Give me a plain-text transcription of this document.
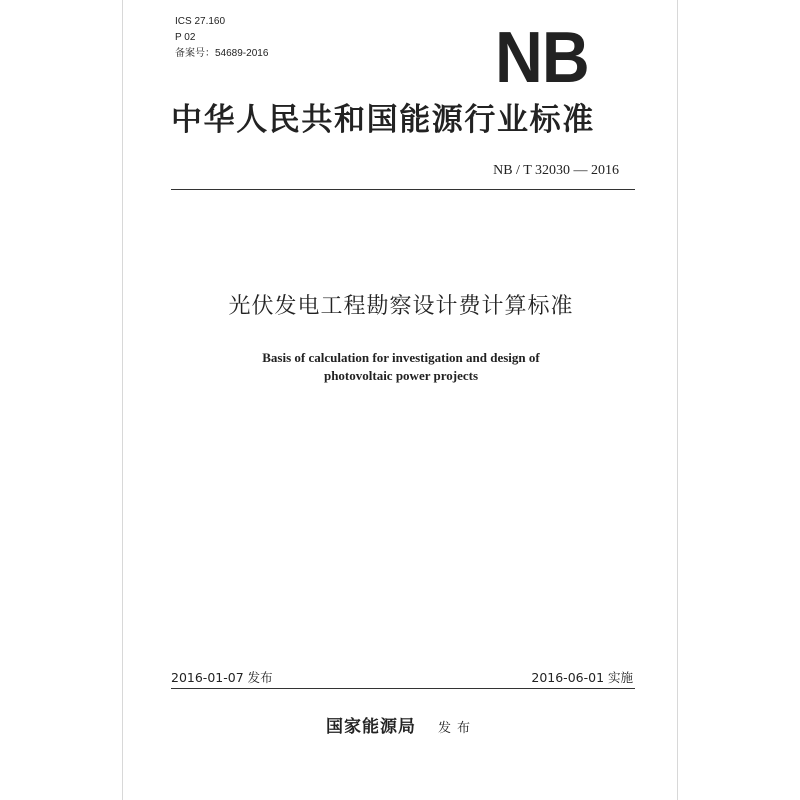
ICS 27.160
P 02
备案号：54689-2016	NB
中华人民共和国能源行业标准
NB / T 32030 — 2016
光伏发电工程勘察设计费计算标准
Basis of calculation for investigation and design of
photovoltaic power projects
2016-01-07 发布	2016-06-01 实施
国家能源局 发布
